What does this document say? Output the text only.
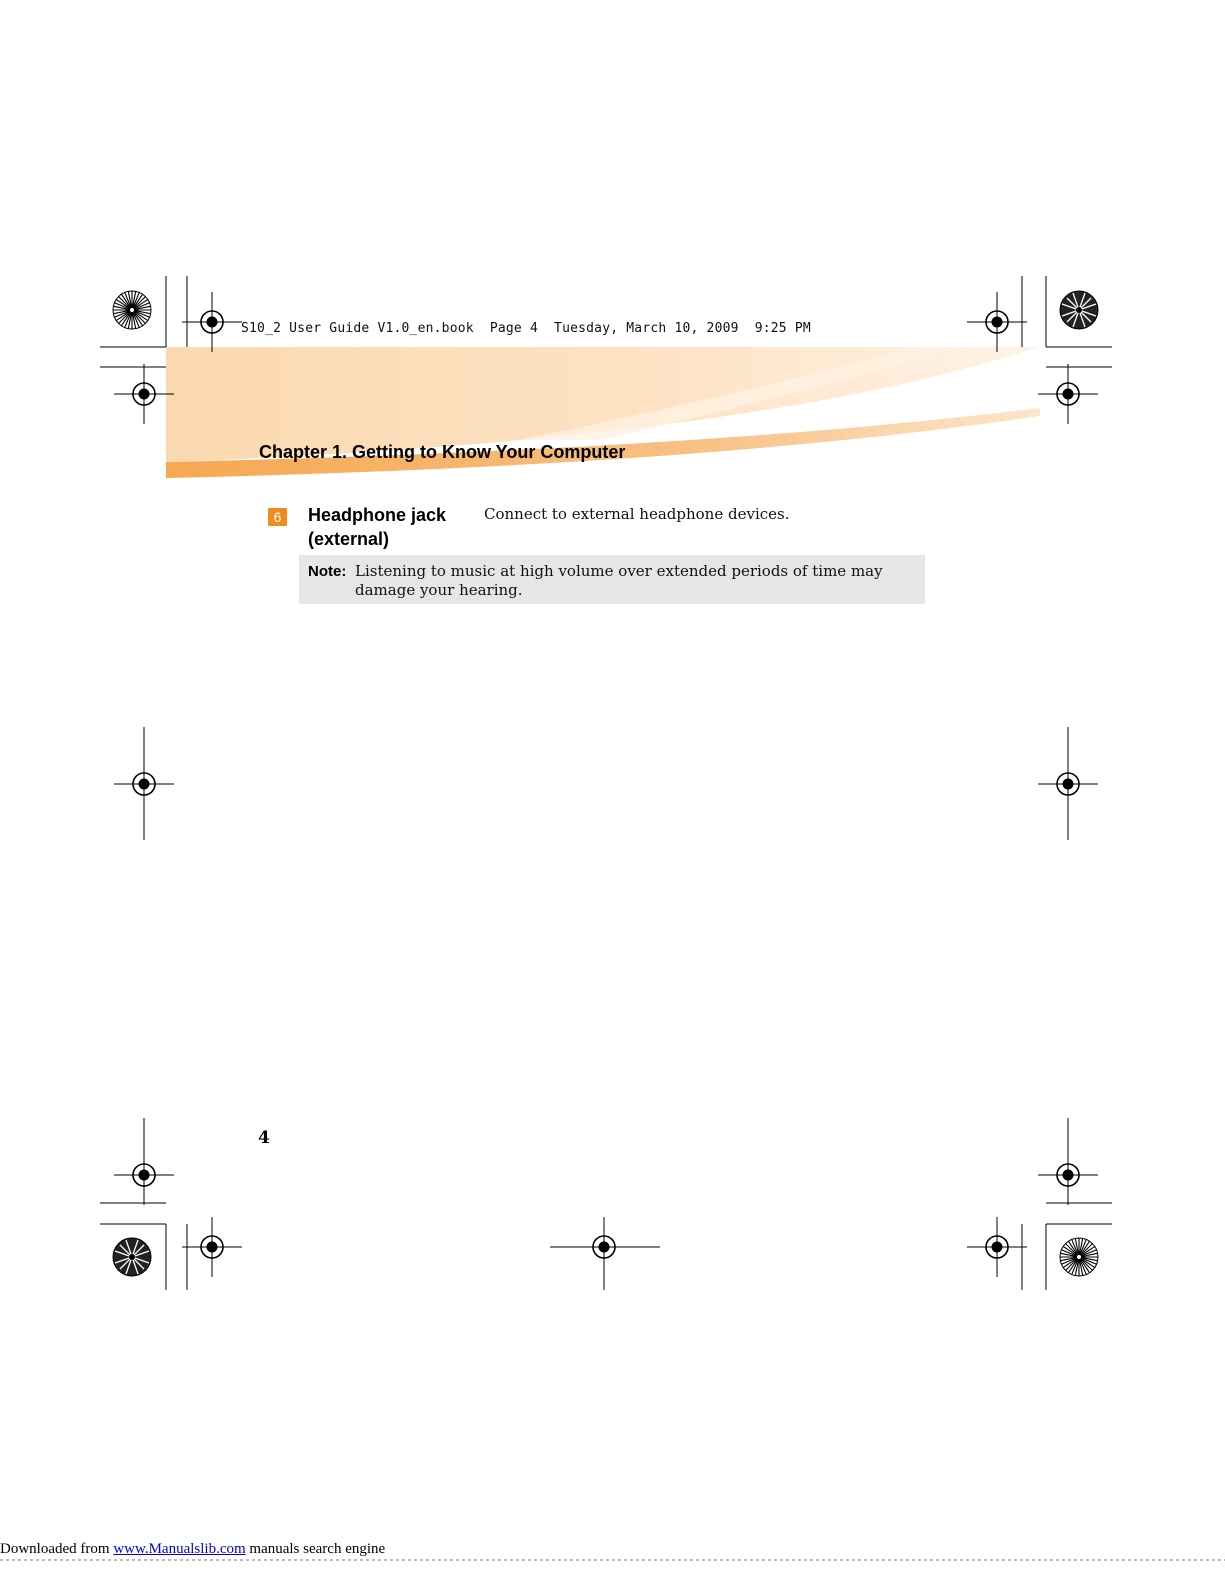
S10_2 User Guide V1.0_en.book  Page 4  Tuesday, March 10, 2009  9:25 PM
Chapter 1. Getting to Know Your Computer
6	Headphone jack
(external)
Connect to external headphone devices.
Note: Listening to music at high volume over extended periods of time may damage your hearing.
4
Downloaded from www.Manualslib.com manuals search engine
